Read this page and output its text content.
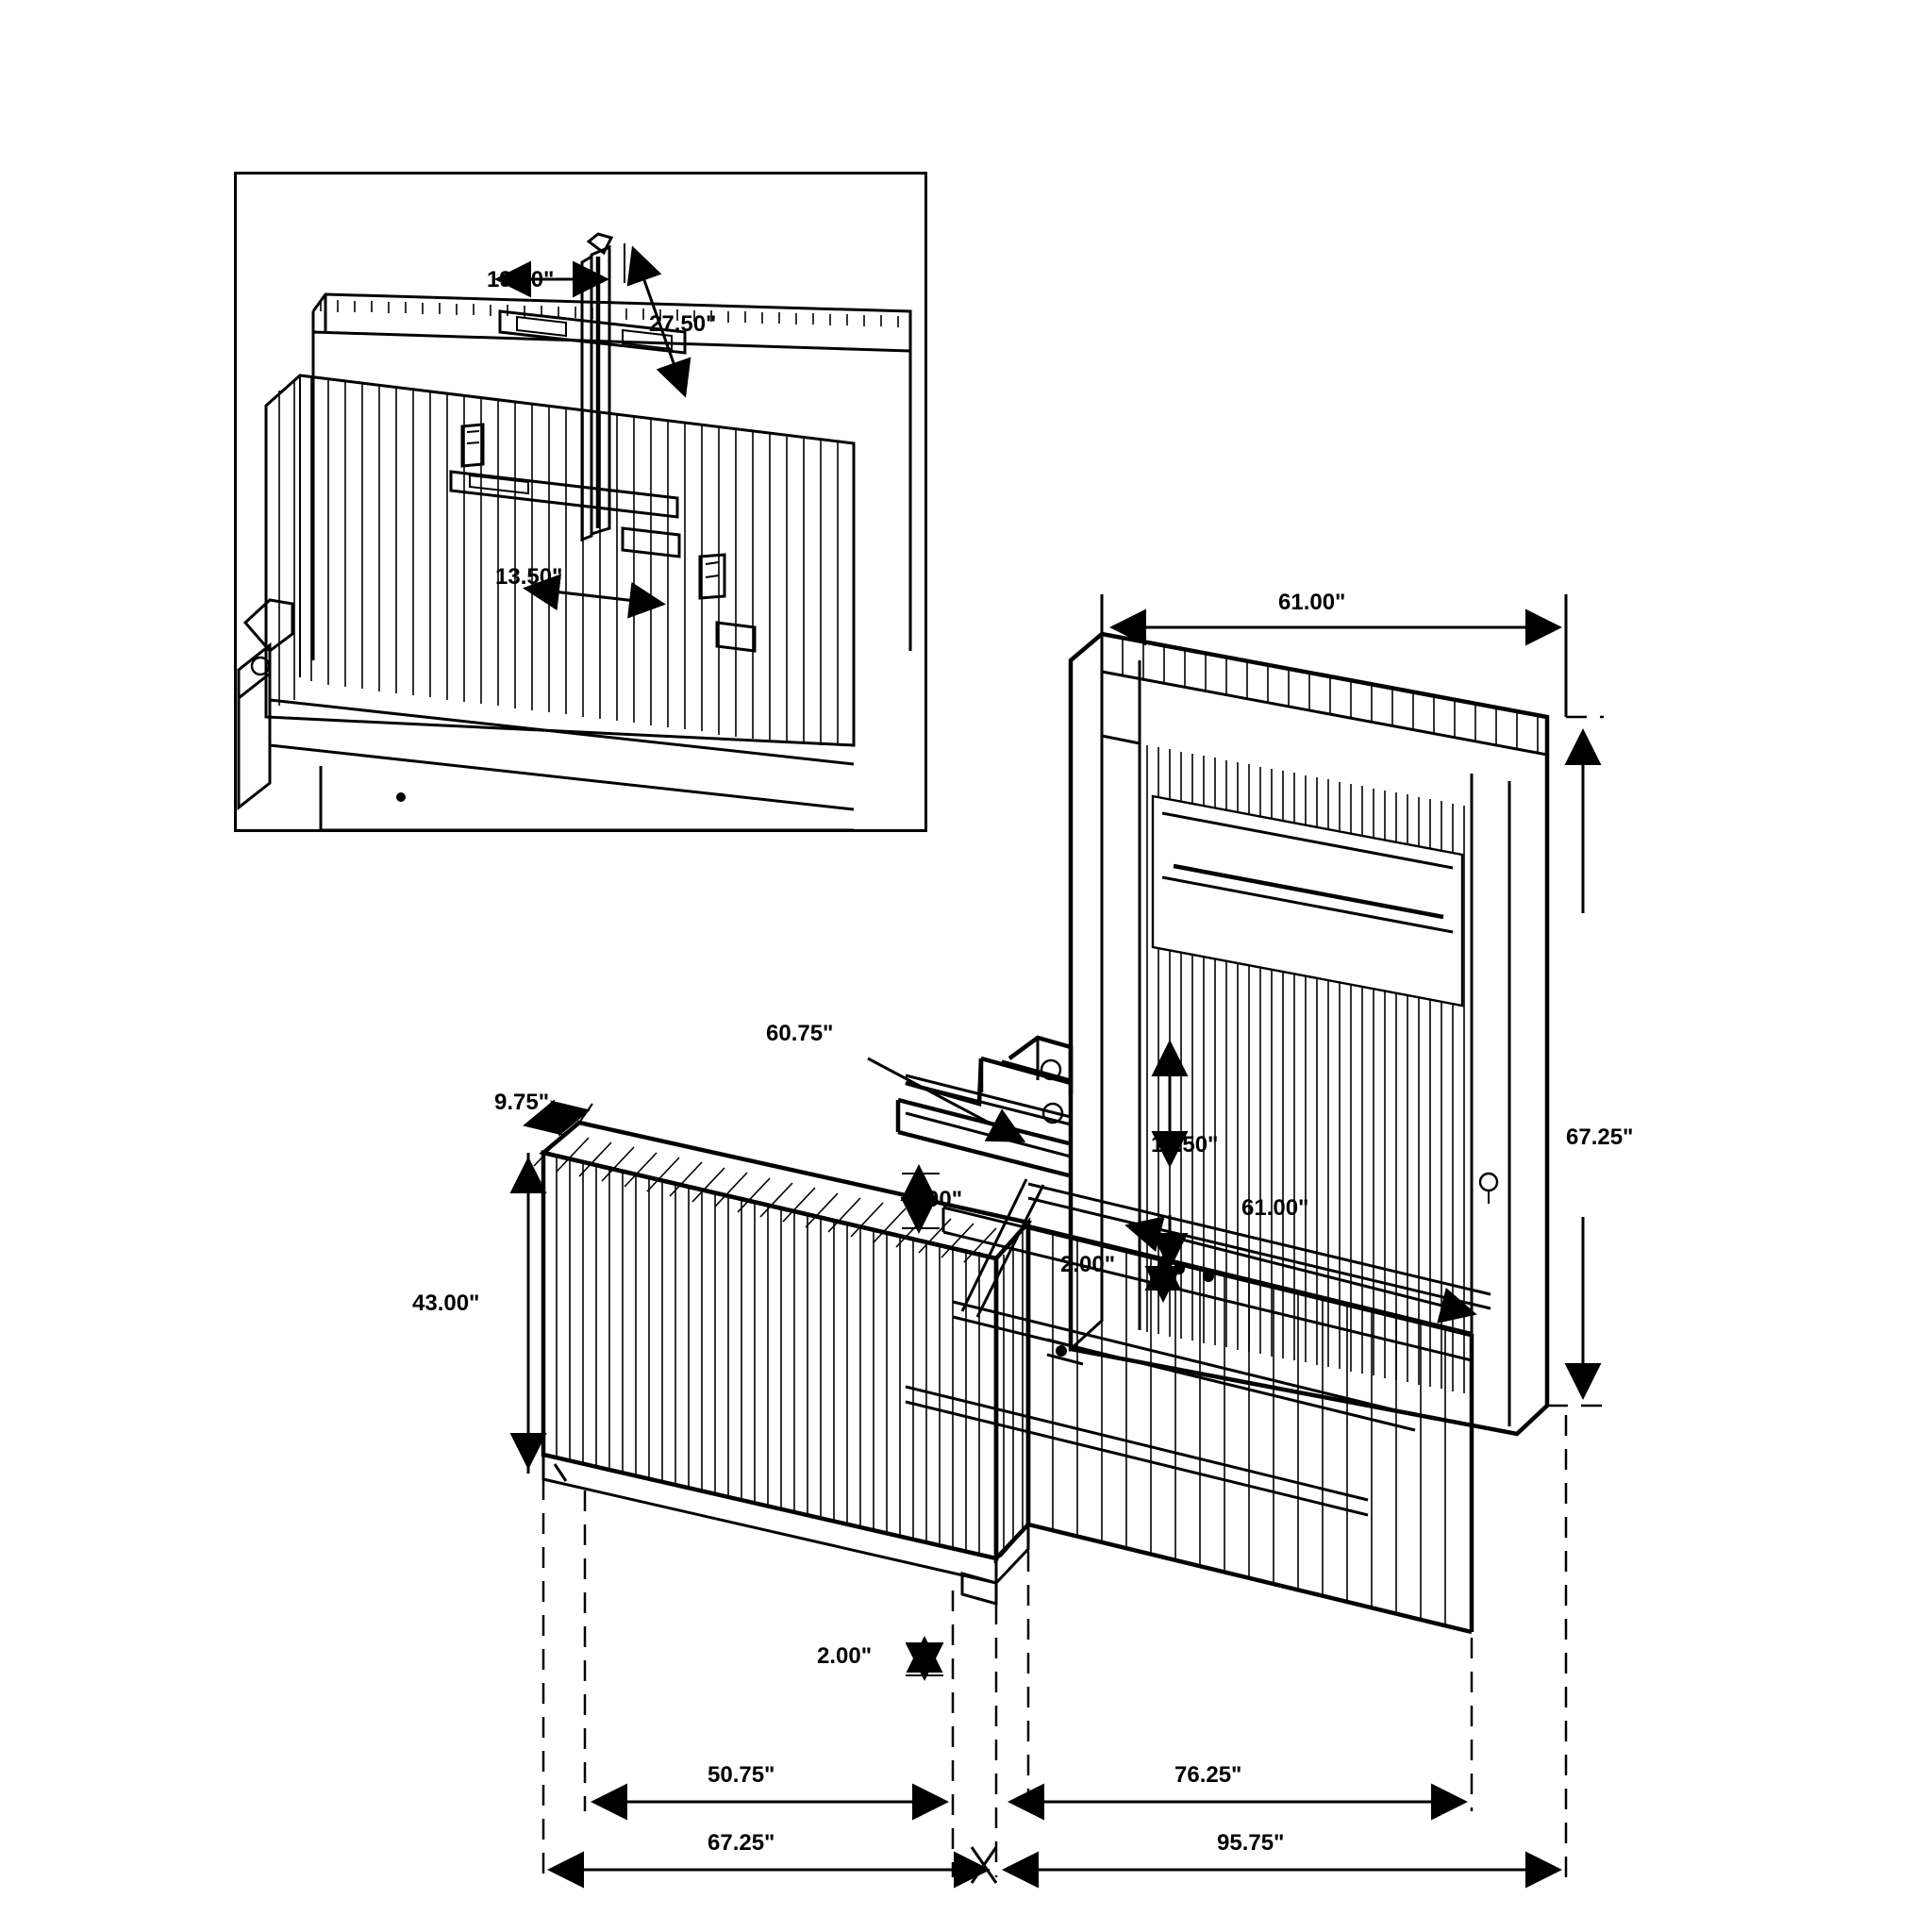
19.00"
27.50"
13.50"
61.00"
67.25"
61.00"
15.50"
60.75"
8.00"
2.00"
9.75"
43.00"
2.00"
50.75"	76.25"
67.25"	95.75"
